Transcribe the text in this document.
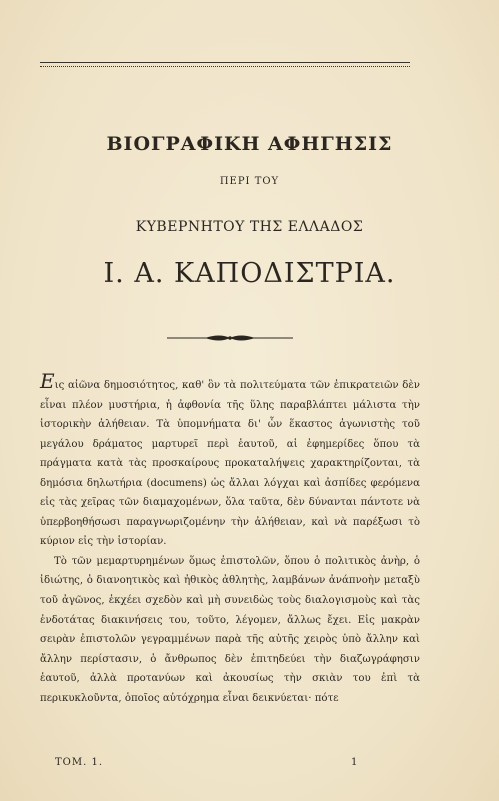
ΒΙΟΓΡΑΦΙΚΗ ΑΦΗΓΗΣΙΣ
ΠΕΡΙ ΤΟΥ
ΚΥΒΕΡΝΗΤΟΥ ΤΗΣ ΕΛΛΑΔΟΣ
Ι. Α. ΚΑΠΟΔΙΣΤΡΙΑ.

Εις αἰῶνα δημοσιότητος, καθ' ὃν τὰ πολιτεύματα τῶν ἐπικρατειῶν δὲν εἶναι πλέον μυστήρια, ἡ ἀφθονία τῆς ὕλης παραβλάπτει μάλιστα τὴν ἱστορικὴν ἀλήθειαν. Τὰ ὑπομνήματα δι' ὧν ἕκαστος ἀγωνιστὴς τοῦ μεγάλου δράματος μαρτυρεῖ περὶ ἑαυτοῦ, αἱ ἐφημερίδες ὅπου τὰ πράγματα κατὰ τὰς προσκαίρους προκαταλήψεις χαρακτηρίζονται, τὰ δημόσια δηλωτήρια (documens) ὡς ἄλλαι λόγχαι καὶ ἀσπίδες φερόμενα εἰς τὰς χεῖρας τῶν διαμαχομένων, ὅλα ταῦτα, δὲν δύνανται πάντοτε νὰ ὑπερβοηθήσωσι παραγνωριζομένην τὴν ἀλήθειαν, καὶ νὰ παρέξωσι τὸ κύριον εἰς τὴν ἱστορίαν.

Τὸ τῶν μεμαρτυρημένων ὅμως ἐπιστολῶν, ὅπου ὁ πολιτικὸς ἀνὴρ, ὁ ἰδιώτης, ὁ διανοητικὸς καὶ ἠθικὸς ἀθλητὴς, λαμβάνων ἀνάπνοὴν μεταξὺ τοῦ ἀγῶνος, ἐκχέει σχεδὸν καὶ μὴ συνειδὼς τοὺς διαλογισμοὺς καὶ τὰς ἐνδοτάτας διακινήσεις του, τοῦτο, λέγομεν, ἄλλως ἔχει. Εἰς μακρὰν σειρὰν ἐπιστολῶν γεγραμμένων παρὰ τῆς αὐτῆς χειρὸς ὑπὸ ἄλλην καὶ ἄλλην περίστασιν, ὁ ἄνθρωπος δὲν ἐπιτηδεύει τὴν διαζωγράφησιν ἑαυτοῦ, ἀλλὰ προτανύων καὶ ἀκουσίως τὴν σκιὰν του ἐπὶ τὰ περικυκλοῦντα, ὁποῖος αὐτόχρημα εἶναι δεικνύεται· πότε

ΤΟΜ. 1.	1
